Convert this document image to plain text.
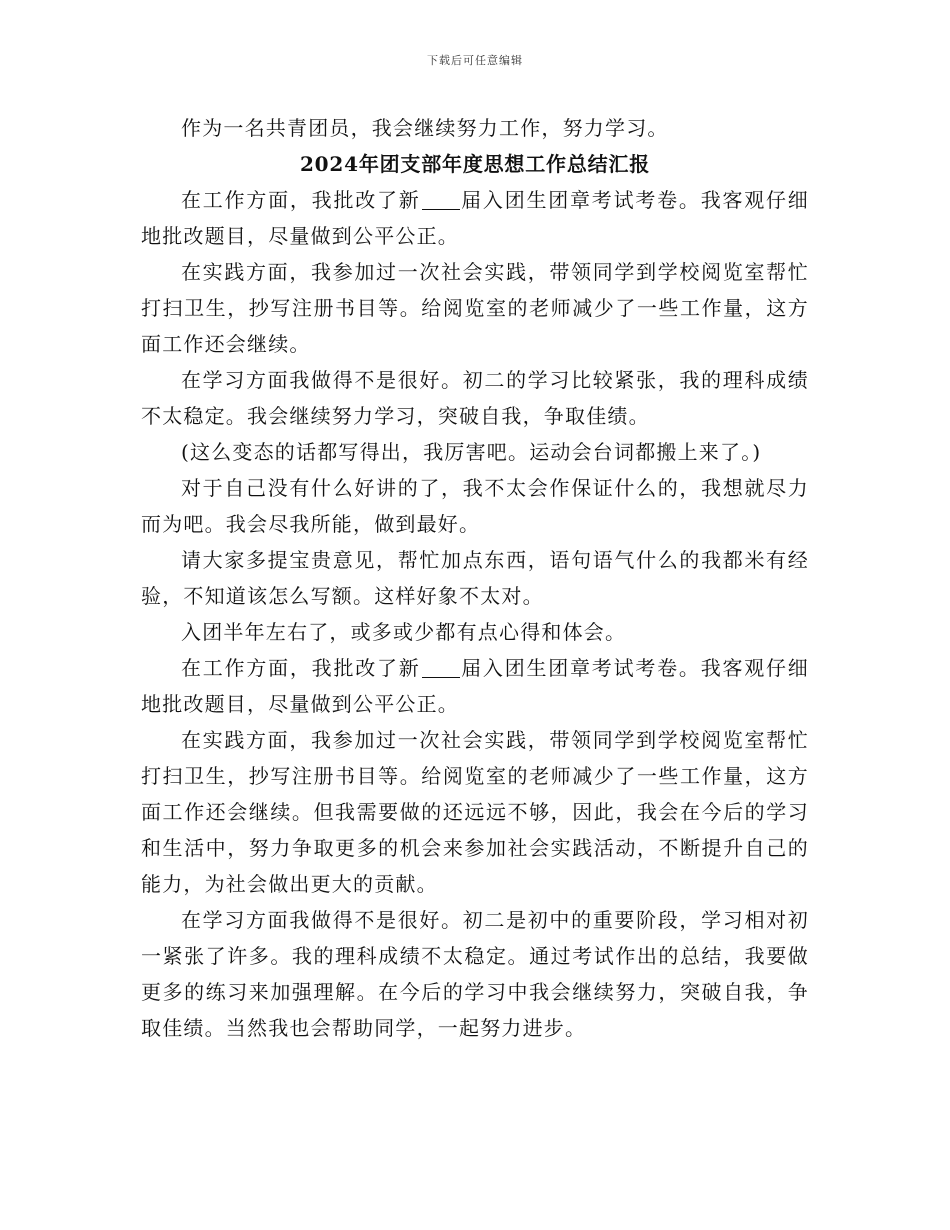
下载后可任意编辑

作为一名共青团员，我会继续努力工作，努力学习。

2024年团支部年度思想工作总结汇报

在工作方面，我批改了新 届入团生团章考试考卷。我客观仔细地批改题目，尽量做到公平公正。

在实践方面，我参加过一次社会实践，带领同学到学校阅览室帮忙打扫卫生，抄写注册书目等。给阅览室的老师减少了一些工作量，这方面工作还会继续。

在学习方面我做得不是很好。初二的学习比较紧张，我的理科成绩不太稳定。我会继续努力学习，突破自我，争取佳绩。

(这么变态的话都写得出，我厉害吧。运动会台词都搬上来了。)

对于自己没有什么好讲的了，我不太会作保证什么的，我想就尽力而为吧。我会尽我所能，做到最好。

请大家多提宝贵意见，帮忙加点东西，语句语气什么的我都米有经验，不知道该怎么写额。这样好象不太对。

入团半年左右了，或多或少都有点心得和体会。

在工作方面，我批改了新 届入团生团章考试考卷。我客观仔细地批改题目，尽量做到公平公正。

在实践方面，我参加过一次社会实践，带领同学到学校阅览室帮忙打扫卫生，抄写注册书目等。给阅览室的老师减少了一些工作量，这方面工作还会继续。但我需要做的还远远不够，因此，我会在今后的学习和生活中，努力争取更多的机会来参加社会实践活动，不断提升自己的能力，为社会做出更大的贡献。

在学习方面我做得不是很好。初二是初中的重要阶段，学习相对初一紧张了许多。我的理科成绩不太稳定。通过考试作出的总结，我要做更多的练习来加强理解。在今后的学习中我会继续努力，突破自我，争取佳绩。当然我也会帮助同学，一起努力进步。
